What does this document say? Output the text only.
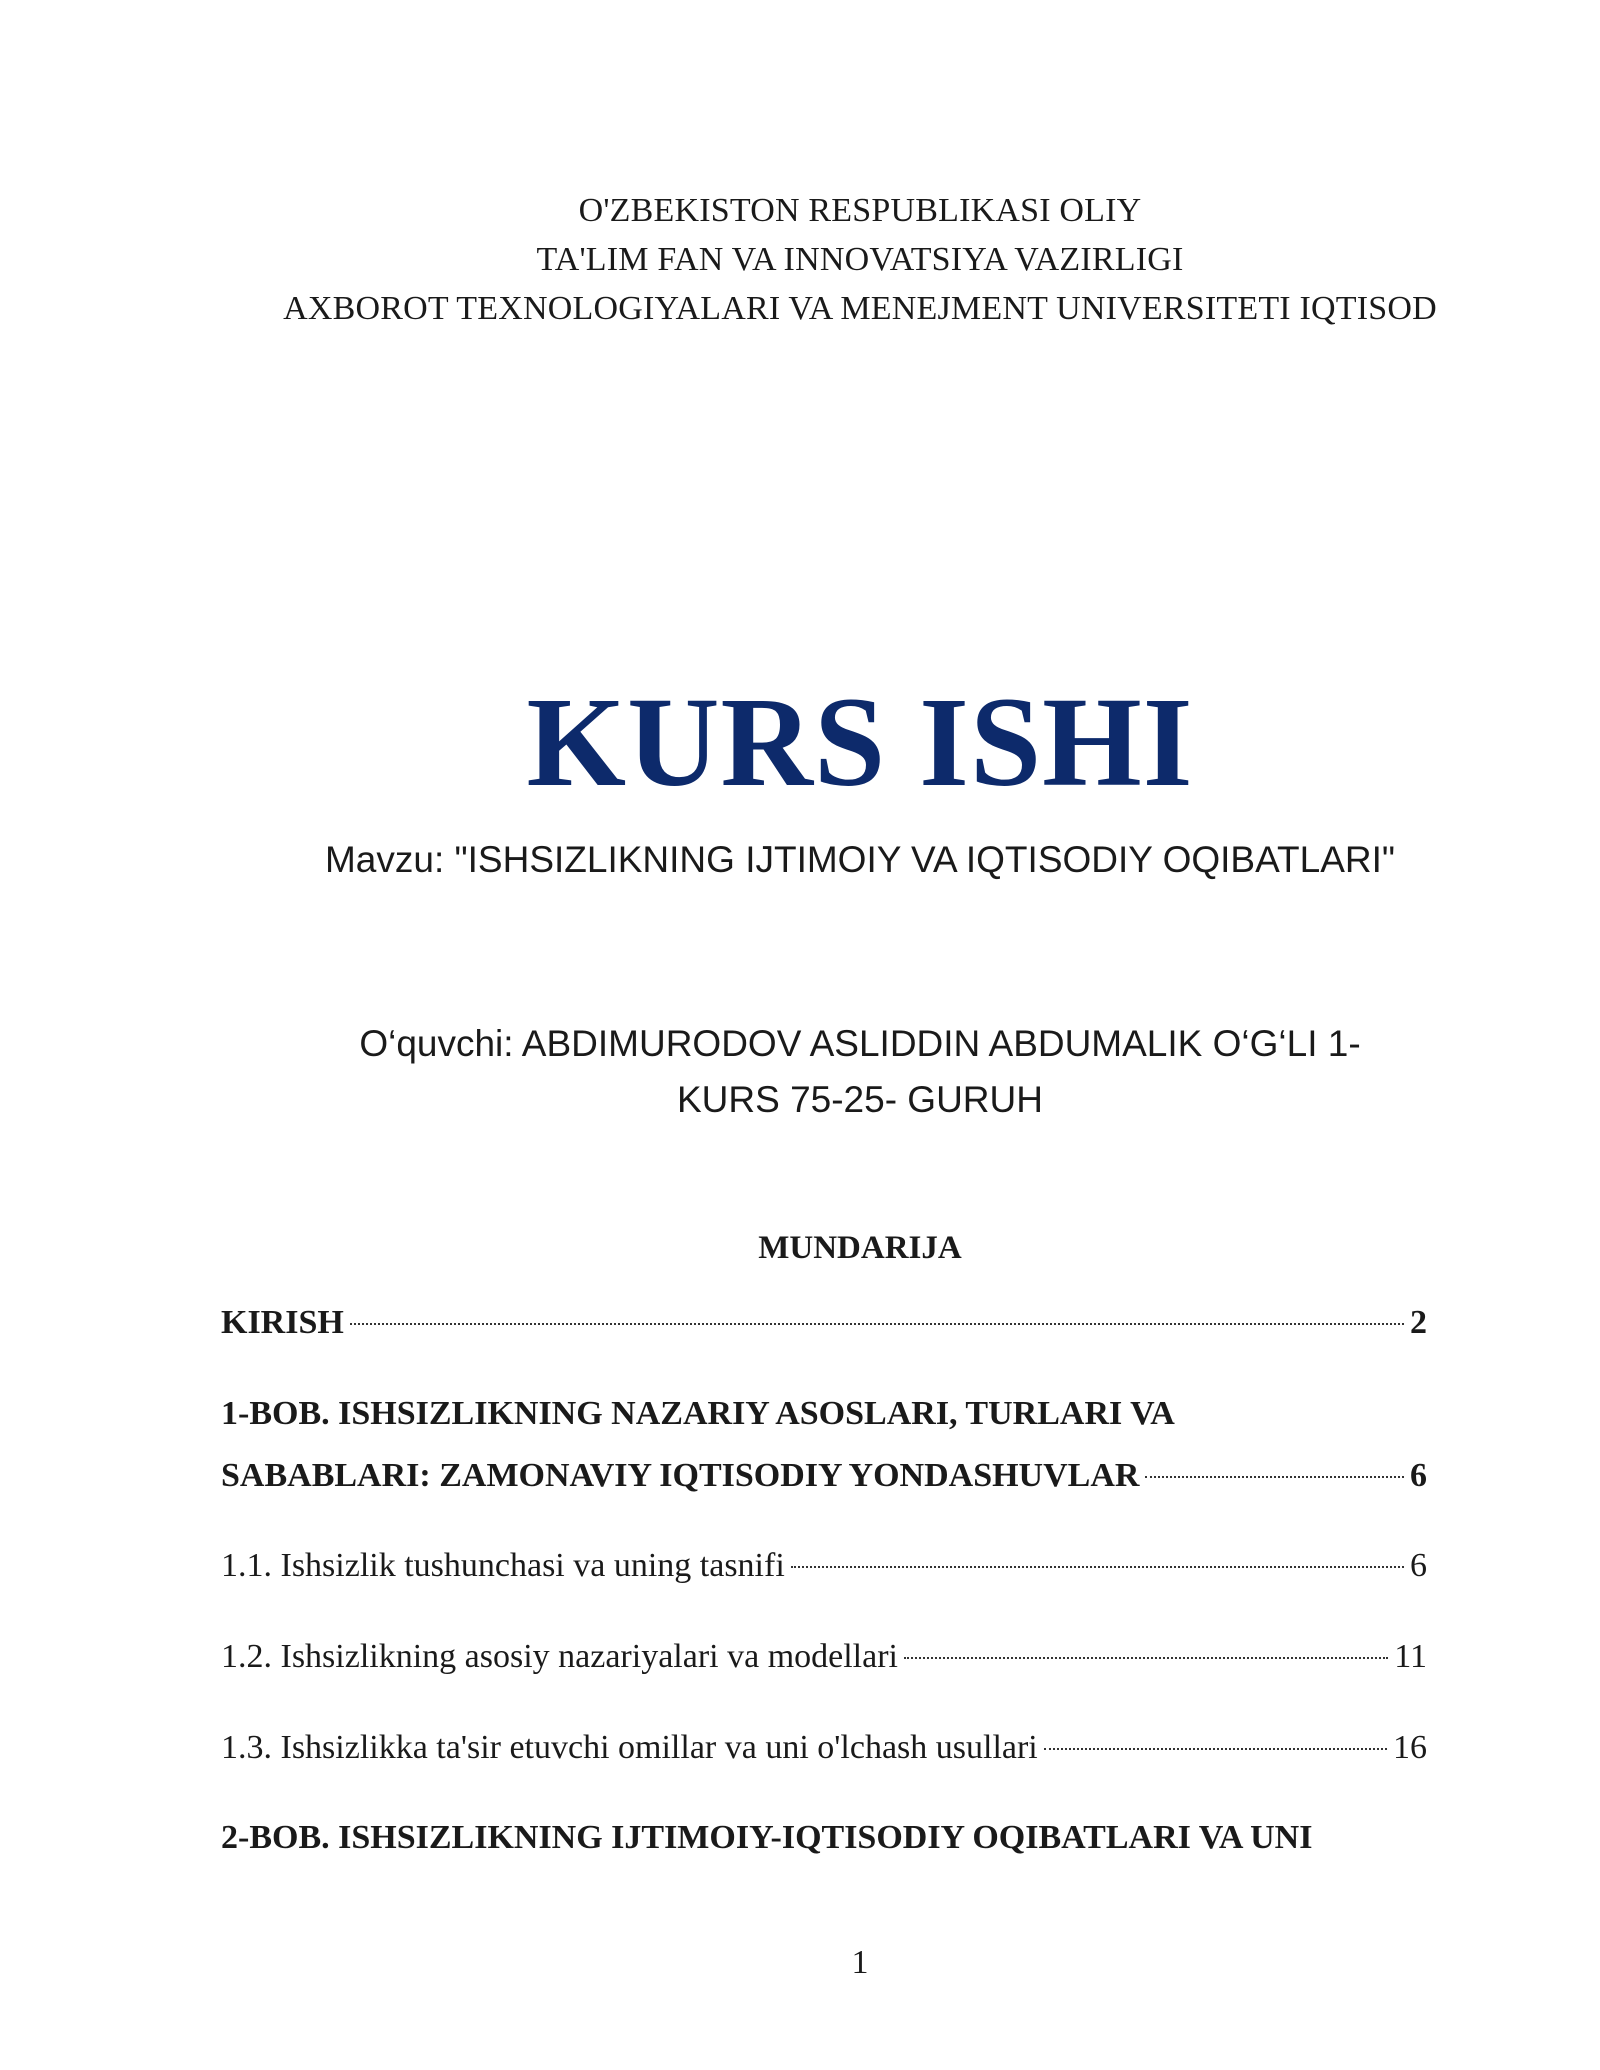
O'ZBEKISTON RESPUBLIKASI OLIY
TA'LIM FAN VA INNOVATSIYA VAZIRLIGI
AXBOROT TEXNOLOGIYALARI VA MENEJMENT UNIVERSITETI IQTISOD
KURS ISHI
Mavzu: "ISHSIZLIKNING IJTIMOIY VA IQTISODIY OQIBATLARI"
O‘quvchi: ABDIMURODOV ASLIDDIN ABDUMALIK O‘G‘LI 1-
KURS 75-25- GURUH
MUNDARIJA
KIRISH	2
1-BOB. ISHSIZLIKNING NAZARIY ASOSLARI, TURLARI VA
SABABLARI: ZAMONAVIY IQTISODIY YONDASHUVLAR	6
1.1. Ishsizlik tushunchasi va uning tasnifi	6
1.2. Ishsizlikning asosiy nazariyalari va modellari	11
1.3. Ishsizlikka ta'sir etuvchi omillar va uni o'lchash usullari	16
2-BOB. ISHSIZLIKNING IJTIMOIY-IQTISODIY OQIBATLARI VA UNI
1
